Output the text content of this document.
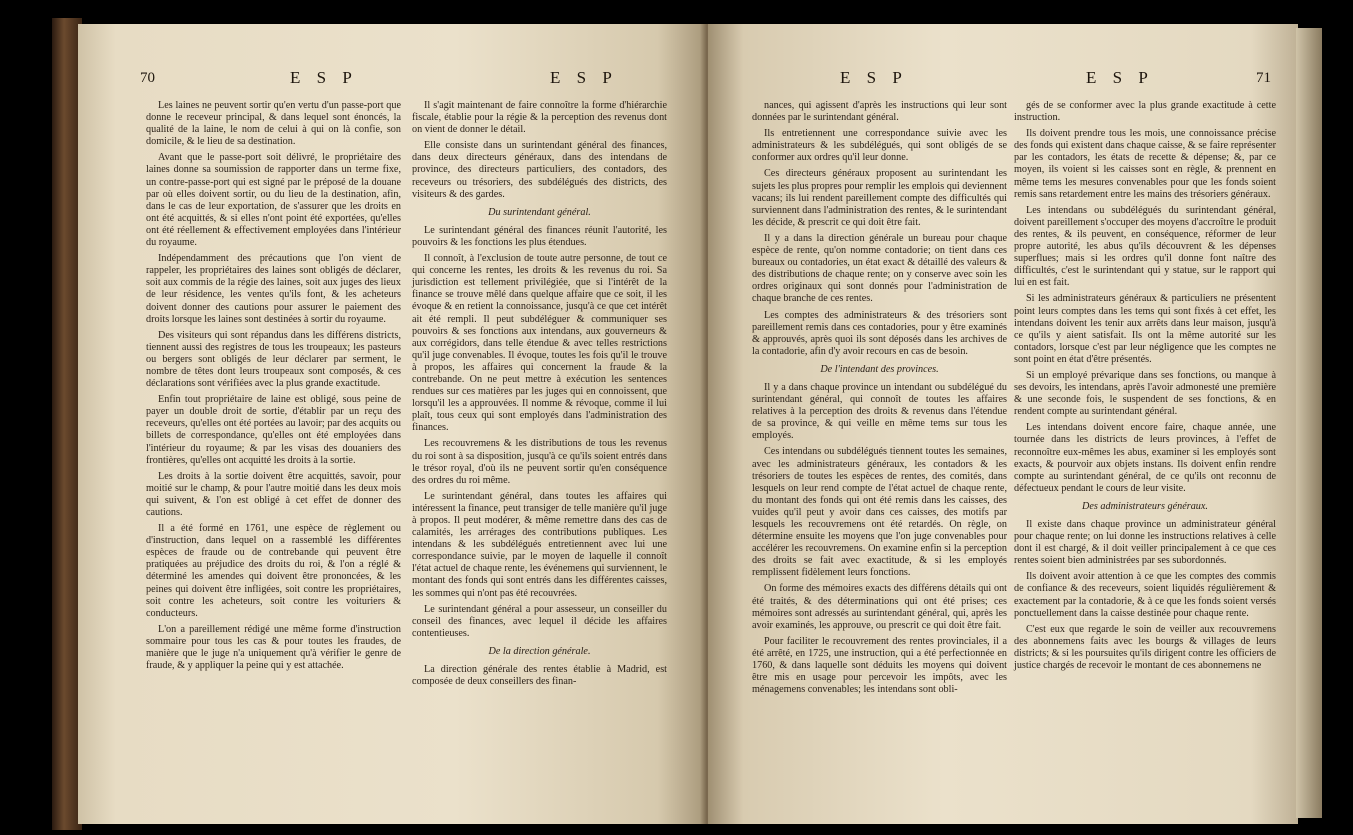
70	E S P	E S P

Les laines ne peuvent sortir qu'en vertu d'un passe-port que donne le receveur principal, & dans lequel sont énoncés, la qualité de la laine, le nom de celui à qui on là confie, son domicile, & le lieu de sa destination.

Avant que le passe-port soit délivré, le propriétaire des laines donne sa soumission de rapporter dans un terme fixe, un contre-passe-port qui est signé par le préposé de la douane par où elles doivent sortir, ou du lieu de la destination, afin, dans le cas de leur exportation, de s'assurer que les droits en ont été acquittés, & si elles n'ont point été exportées, qu'elles ont été réellement & effectivement employées dans l'intérieur du royaume.

Indépendamment des précautions que l'on vient de rappeler, les propriétaires des laines sont obligés de déclarer, soit aux commis de la régie des laines, soit aux juges des lieux de leur résidence, les ventes qu'ils font, & les acheteurs doivent donner des cautions pour assurer le paiement des droits lorsque les laines sont destinées à sortir du royaume.

Des visiteurs qui sont répandus dans les différens districts, tiennent aussi des registres de tous les troupeaux; les pasteurs ou bergers sont obligés de leur déclarer par serment, le nombre de têtes dont leurs troupeaux sont composés, & ces déclarations sont vérifiées avec la plus grande exactitude.

Enfin tout propriétaire de laine est obligé, sous peine de payer un double droit de sortie, d'établir par un reçu des receveurs, qu'elles ont été portées au lavoir; par des acquits ou billets de correspondance, qu'elles ont été employées dans l'intérieur du royaume; & par les visas des douaniers des frontières, qu'elles ont acquitté les droits à la sortie.

Les droits à la sortie doivent être acquittés, savoir, pour moitié sur le champ, & pour l'autre moitié dans les deux mois qui suivent, & l'on est obligé à cet effet de donner des cautions.

Il a été formé en 1761, une espèce de règlement ou d'instruction, dans lequel on a rassemblé les différentes espèces de fraude ou de contrebande qui peuvent être pratiquées au préjudice des droits du roi, & l'on a réglé & déterminé les amendes qui doivent être prononcées, & les peines qui doivent être infligées, soit contre les propriétaires, soit contre les acheteurs, soit contre les voituriers & conducteurs.

L'on a pareillement rédigé une même forme d'instruction sommaire pour tous les cas & pour toutes les fraudes, de manière que le juge n'a uniquement qu'à vérifier le genre de fraude, & y appliquer la peine qui y est attachée.

Il s'agit maintenant de faire connoître la forme d'hiérarchie fiscale, établie pour la régie & la perception des revenus dont on vient de donner le détail.

Elle consiste dans un surintendant général des finances, dans deux directeurs généraux, dans des intendans de province, des directeurs particuliers, des contadors, des receveurs ou trésoriers, des subdélégués des districts, des visiteurs & des gardes.

Du surintendant général.

Le surintendant général des finances réunit l'autorité, les pouvoirs & les fonctions les plus étendues.

Il connoît, à l'exclusion de toute autre personne, de tout ce qui concerne les rentes, les droits & les revenus du roi. Sa jurisdiction est tellement privilégiée, que si l'intérêt de la finance se trouve mêlé dans quelque affaire que ce soit, il les évoque & en retient la connoissance, jusqu'à ce que cet intérêt ait été rempli. Il peut subdéléguer & communiquer ses pouvoirs & ses fonctions aux intendans, aux gouverneurs & aux corrégidors, dans telle étendue & avec telles restrictions qu'il juge convenables. Il évoque, toutes les fois qu'il le trouve à propos, les affaires qui concernent la fraude & la contrebande. On ne peut mettre à exécution les sentences rendues sur ces matières par les juges qui en connoissent, que lorsqu'il les a approuvées. Il nomme & révoque, comme il lui plaît, tous ceux qui sont employés dans l'administration des finances.

Les recouvremens & les distributions de tous les revenus du roi sont à sa disposition, jusqu'à ce qu'ils soient entrés dans le trésor royal, d'où ils ne peuvent sortir qu'en conséquence des ordres du roi même.

Le surintendant général, dans toutes les affaires qui intéressent la finance, peut transiger de telle manière qu'il juge à propos. Il peut modérer, & même remettre dans des cas de calamités, les arrérages des contributions publiques. Les intendans & les subdélégués entretiennent avec lui une correspondance suivie, par le moyen de laquelle il connoît l'état actuel de chaque rente, les événemens qui surviennent, le montant des fonds qui sont entrés dans les différentes caisses, les sommes qui n'ont pas été recouvrées.

Le surintendant général a pour assesseur, un conseiller du conseil des finances, avec lequel il décide les affaires contentieuses.

De la direction générale.

La direction générale des rentes établie à Madrid, est composée de deux conseillers des finan-

E S P	E S P	71

nances, qui agissent d'après les instructions qui leur sont données par le surintendant général.

Ils entretiennent une correspondance suivie avec les administrateurs & les subdélégués, qui sont obligés de se conformer aux ordres qu'il leur donne.

Ces directeurs généraux proposent au surintendant les sujets les plus propres pour remplir les emplois qui deviennent vacans; ils lui rendent pareillement compte des difficultés qui surviennent dans l'administration des rentes, & le surintendant les décide, & prescrit ce qui doit être fait.

Il y a dans la direction générale un bureau pour chaque espèce de rente, qu'on nomme contadorie; on tient dans ces bureaux ou contadories, un état exact & détaillé des valeurs & des distributions de chaque rente; on y conserve avec soin les ordres originaux qui sont donnés pour l'administration de chaque branche de ces rentes.

Les comptes des administrateurs & des trésoriers sont pareillement remis dans ces contadories, pour y être examinés & approuvés, après quoi ils sont déposés dans les archives de la contadorie, afin d'y avoir recours en cas de besoin.

De l'intendant des provinces.

Il y a dans chaque province un intendant ou subdélégué du surintendant général, qui connoît de toutes les affaires relatives à la perception des droits & revenus dans l'étendue de sa province, & qui veille en même tems sur tous les employés.

Ces intendans ou subdélégués tiennent toutes les semaines, avec les administrateurs généraux, les contadors & les trésoriers de toutes les espèces de rentes, des comités, dans lesquels on leur rend compte de l'état actuel de chaque rente, du montant des fonds qui ont été remis dans les caisses, des vuides qu'il peut y avoir dans ces caisses, des motifs par lesquels les recouvremens ont été retardés. On règle, on détermine ensuite les moyens que l'on juge convenables pour accélérer les recouvremens. On examine enfin si la perception des droits se fait avec exactitude, & si les employés remplissent fidèlement leurs fonctions.

On forme des mémoires exacts des différens détails qui ont été traités, & des déterminations qui ont été prises; ces mémoires sont adressés au surintendant général, qui, après les avoir examinés, les approuve, ou prescrit ce qui doit être fait.

Pour faciliter le recouvrement des rentes provinciales, il a été arrêté, en 1725, une instruction, qui a été perfectionnée en 1760, & dans laquelle sont déduits les moyens qui doivent être mis en usage pour percevoir les impôts, avec les ménagemens convenables; les intendans sont obli-

gés de se conformer avec la plus grande exactitude à cette instruction.

Ils doivent prendre tous les mois, une connoissance précise des fonds qui existent dans chaque caisse, & se faire représenter par les contadors, les états de recette & dépense; &, par ce moyen, ils voient si les caisses sont en règle, & prennent en même tems les mesures convenables pour que les fonds soient remis sans retardement entre les mains des trésoriers généraux.

Les intendans ou subdélégués du surintendant général, doivent pareillement s'occuper des moyens d'accroître le produit des rentes, & ils peuvent, en conséquence, réformer de leur propre autorité, les abus qu'ils découvrent & les dépenses superflues; mais si les ordres qu'il donne font naître des difficultés, c'est le surintendant qui y statue, sur le rapport qui lui en est fait.

Si les administrateurs généraux & particuliers ne présentent point leurs comptes dans les tems qui sont fixés à cet effet, les intendans doivent les tenir aux arrêts dans leur maison, jusqu'à ce qu'ils y aient satisfait. Ils ont la même autorité sur les contadors, lorsque c'est par leur négligence que les comptes ne sont point en état d'être présentés.

Si un employé prévarique dans ses fonctions, ou manque à ses devoirs, les intendans, après l'avoir admonesté une première & une seconde fois, le suspendent de ses fonctions, & en rendent compte au surintendant général.

Les intendans doivent encore faire, chaque année, une tournée dans les districts de leurs provinces, à l'effet de reconnoître eux-mêmes les abus, examiner si les employés sont exacts, & pourvoir aux objets instans. Ils doivent enfin rendre compte au surintendant général, de ce qu'ils ont reconnu de défectueux pendant le cours de leur visite.

Des administrateurs généraux.

Il existe dans chaque province un administrateur général pour chaque rente; on lui donne les instructions relatives à celle dont il est chargé, & il doit veiller principalement à ce que ces rentes soient bien administrées par ses subordonnés.

Ils doivent avoir attention à ce que les comptes des commis de confiance & des receveurs, soient liquidés régulièrement & exactement par la contadorie, & à ce que les fonds soient versés ponctuellement dans la caisse destinée pour chaque rente.

C'est eux que regarde le soin de veiller aux recouvremens des abonnemens faits avec les bourgs & villages de leurs districts; & si les poursuites qu'ils dirigent contre les officiers de justice chargés de recevoir le montant de ces abonnemens ne
